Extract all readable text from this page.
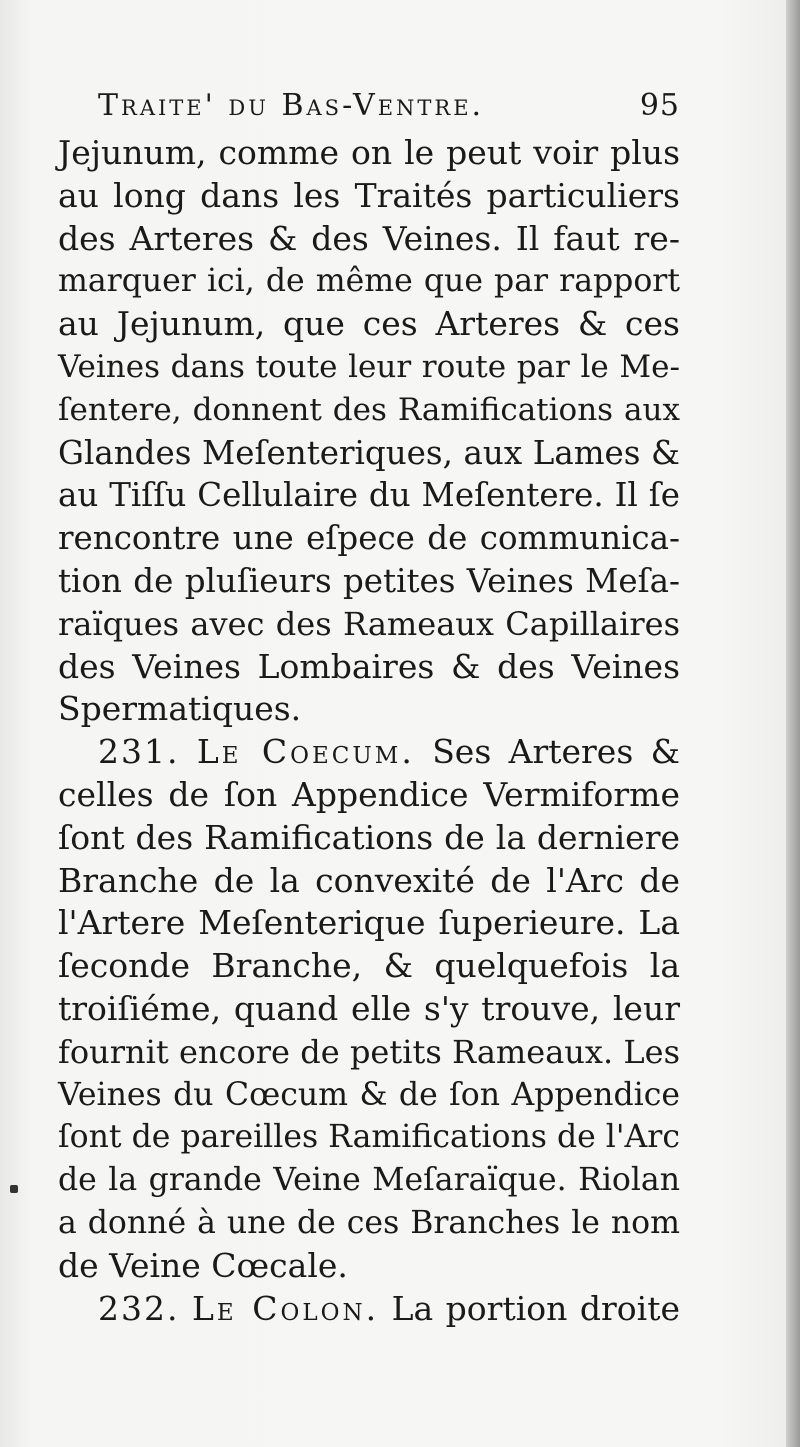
Traite' du Bas-Ventre.	95
Jejunum, comme on le peut voir plus
au long dans les Traités particuliers
des Arteres & des Veines. Il faut re-
marquer ici, de même que par rapport
au Jejunum, que ces Arteres & ces
Veines dans toute leur route par le Me-
ſentere, donnent des Ramifications aux
Glandes Meſenteriques, aux Lames &
au Tiſſu Cellulaire du Meſentere. Il ſe
rencontre une eſpece de communica-
tion de pluſieurs petites Veines Meſa-
raïques avec des Rameaux Capillaires
des Veines Lombaires & des Veines
Spermatiques.
231. Le Coecum. Ses Arteres &
celles de ſon Appendice Vermiforme
ſont des Ramifications de la derniere
Branche de la convexité de l'Arc de
l'Artere Meſenterique ſuperieure. La
ſeconde Branche, & quelquefois la
troiſiéme, quand elle s'y trouve, leur
fournit encore de petits Rameaux. Les
Veines du Cœcum & de ſon Appendice
ſont de pareilles Ramifications de l'Arc
de la grande Veine Meſaraïque. Riolan
a donné à une de ces Branches le nom
de Veine Cœcale.
232. Le Colon. La portion droite
